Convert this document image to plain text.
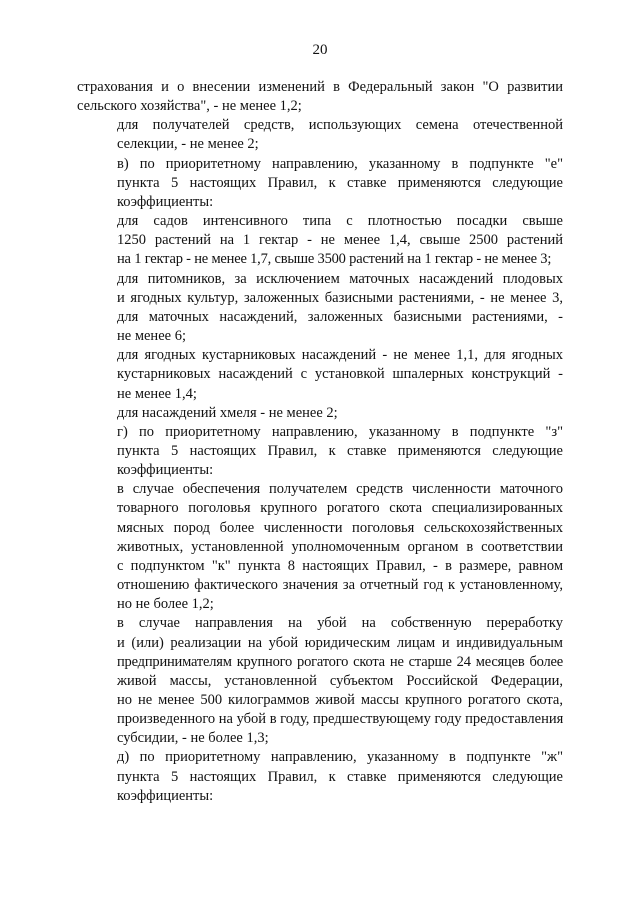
20
страхования и о внесении изменений в Федеральный закон "О развитии
сельского хозяйства", - не менее 1,2;
для получателей средств, использующих семена отечественной
селекции, - не менее 2;
в) по приоритетному направлению, указанному в подпункте "е"
пункта 5 настоящих Правил, к ставке применяются следующие
коэффициенты:
для садов интенсивного типа с плотностью посадки свыше
1250 растений на 1 гектар - не менее 1,4, свыше 2500 растений
на 1 гектар - не менее 1,7, свыше 3500 растений на 1 гектар - не менее 3;
для питомников, за исключением маточных насаждений плодовых
и ягодных культур, заложенных базисными растениями, - не менее 3,
для маточных насаждений, заложенных базисными растениями, -
не менее 6;
для ягодных кустарниковых насаждений - не менее 1,1, для ягодных
кустарниковых насаждений с установкой шпалерных конструкций -
не менее 1,4;
для насаждений хмеля - не менее 2;
г) по приоритетному направлению, указанному в подпункте "з"
пункта 5 настоящих Правил, к ставке применяются следующие
коэффициенты:
в случае обеспечения получателем средств численности маточного
товарного поголовья крупного рогатого скота специализированных
мясных пород более численности поголовья сельскохозяйственных
животных, установленной уполномоченным органом в соответствии
с подпунктом "к" пункта 8 настоящих Правил, - в размере, равном
отношению фактического значения за отчетный год к установленному,
но не более 1,2;
в случае направления на убой на собственную переработку
и (или) реализации на убой юридическим лицам и индивидуальным
предпринимателям крупного рогатого скота не старше 24 месяцев более
живой массы, установленной субъектом Российской Федерации,
но не менее 500 килограммов живой массы крупного рогатого скота,
произведенного на убой в году, предшествующему году предоставления
субсидии, - не более 1,3;
д) по приоритетному направлению, указанному в подпункте "ж"
пункта 5 настоящих Правил, к ставке применяются следующие
коэффициенты:
